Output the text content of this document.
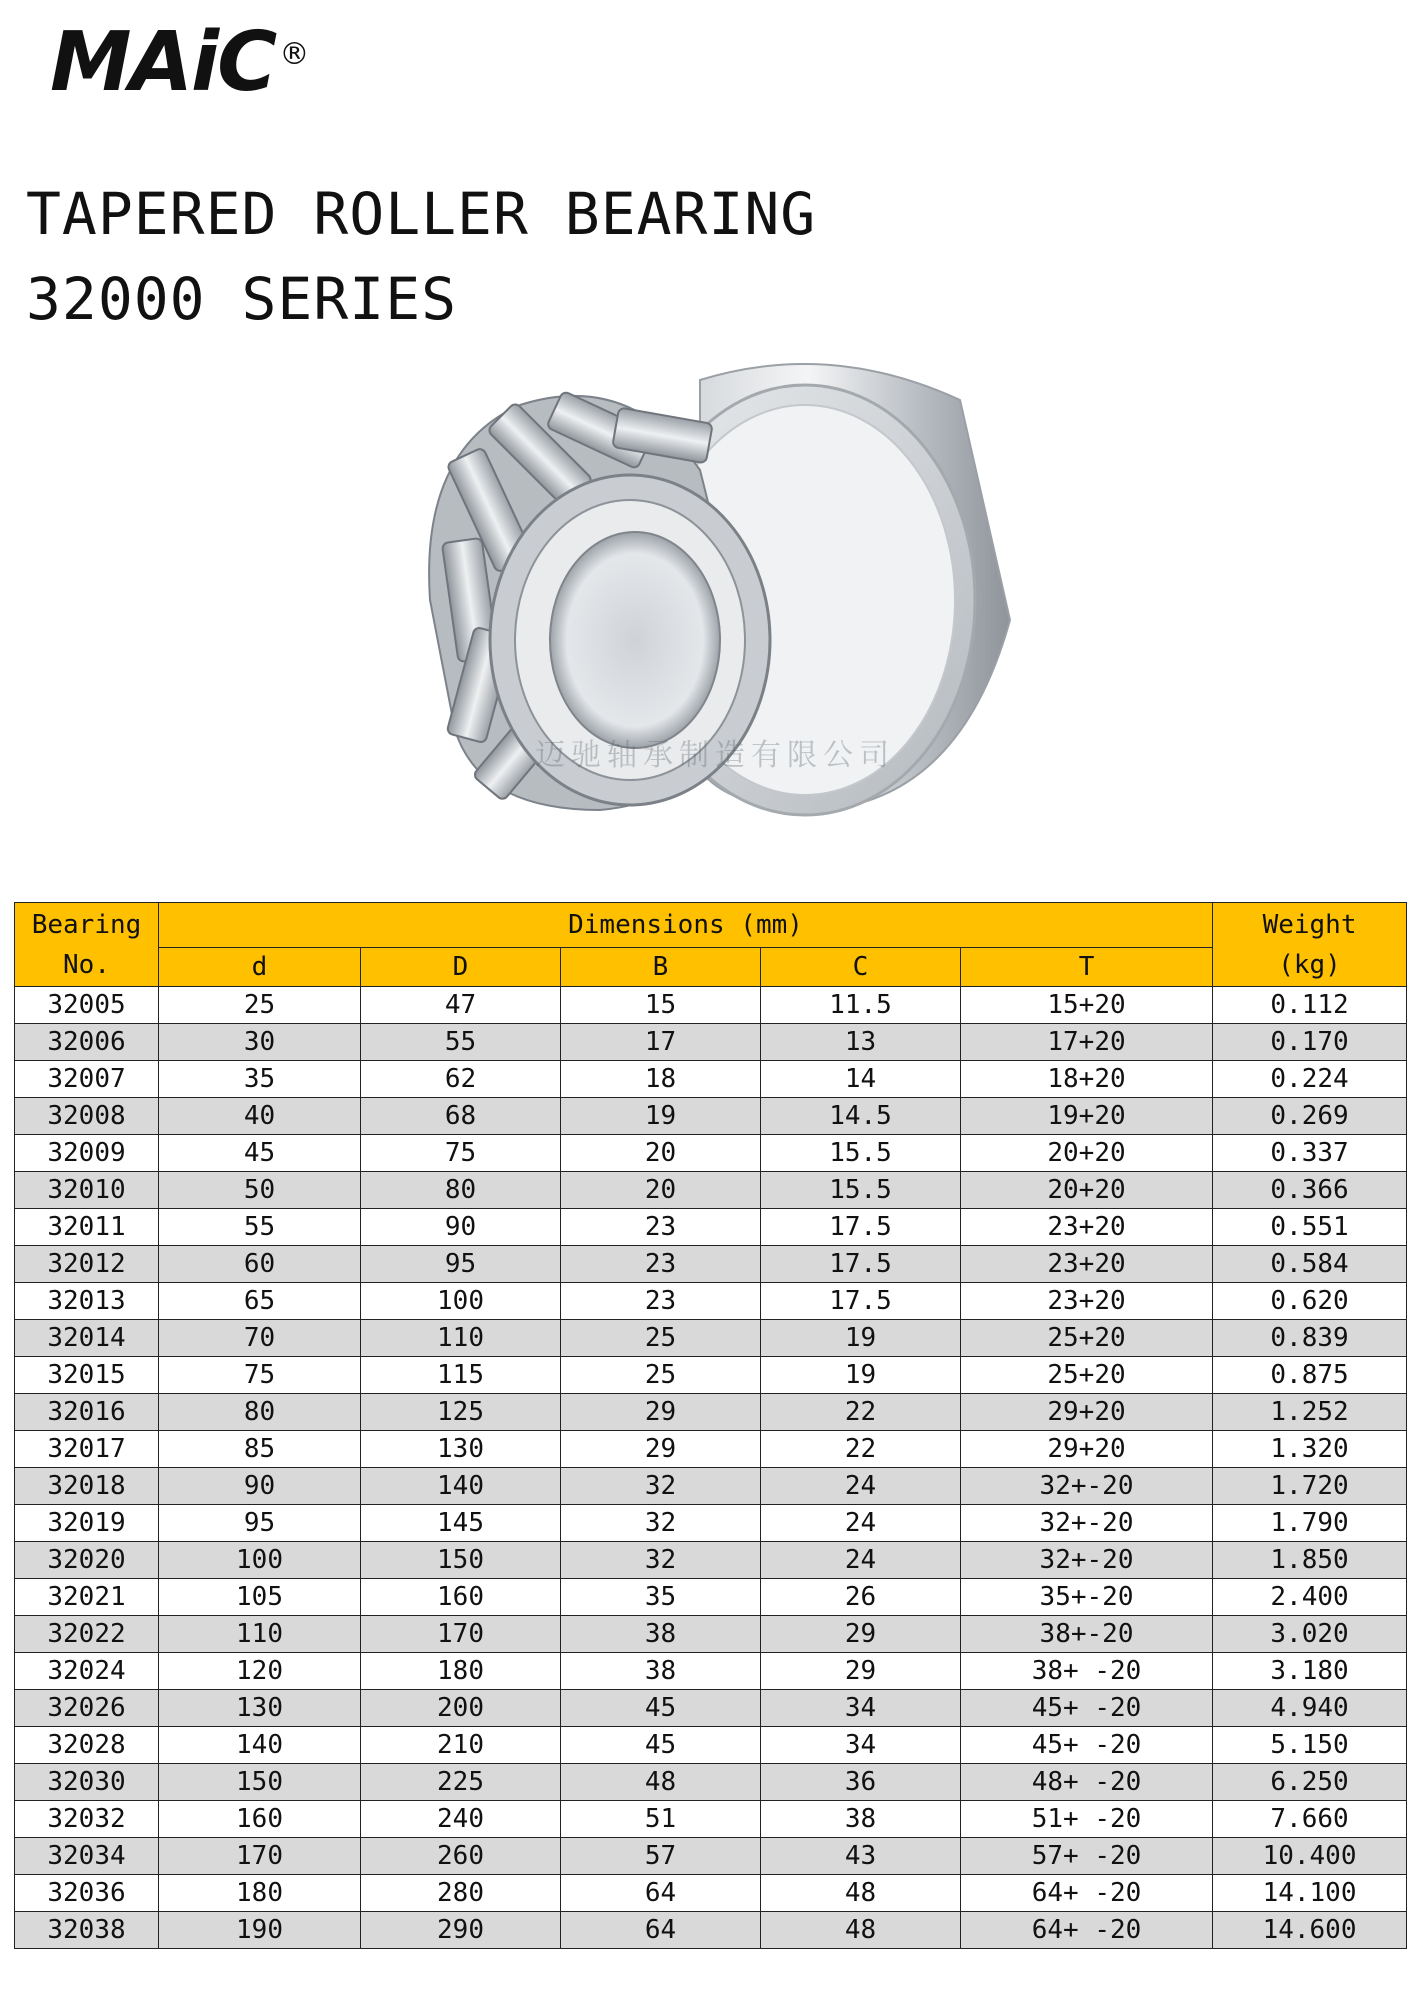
MAiC ®
TAPERED ROLLER BEARING
32000 SERIES
迈驰轴承制造有限公司
Bearing
No.	Dimensions (mm)					Weight
(kg)
	d	D	B	C	T	
32005	25	47	15	11.5	15+20	0.112
32006	30	55	17	13	17+20	0.170
32007	35	62	18	14	18+20	0.224
32008	40	68	19	14.5	19+20	0.269
32009	45	75	20	15.5	20+20	0.337
32010	50	80	20	15.5	20+20	0.366
32011	55	90	23	17.5	23+20	0.551
32012	60	95	23	17.5	23+20	0.584
32013	65	100	23	17.5	23+20	0.620
32014	70	110	25	19	25+20	0.839
32015	75	115	25	19	25+20	0.875
32016	80	125	29	22	29+20	1.252
32017	85	130	29	22	29+20	1.320
32018	90	140	32	24	32+-20	1.720
32019	95	145	32	24	32+-20	1.790
32020	100	150	32	24	32+-20	1.850
32021	105	160	35	26	35+-20	2.400
32022	110	170	38	29	38+-20	3.020
32024	120	180	38	29	38+ -20	3.180
32026	130	200	45	34	45+ -20	4.940
32028	140	210	45	34	45+ -20	5.150
32030	150	225	48	36	48+ -20	6.250
32032	160	240	51	38	51+ -20	7.660
32034	170	260	57	43	57+ -20	10.400
32036	180	280	64	48	64+ -20	14.100
32038	190	290	64	48	64+ -20	14.600
